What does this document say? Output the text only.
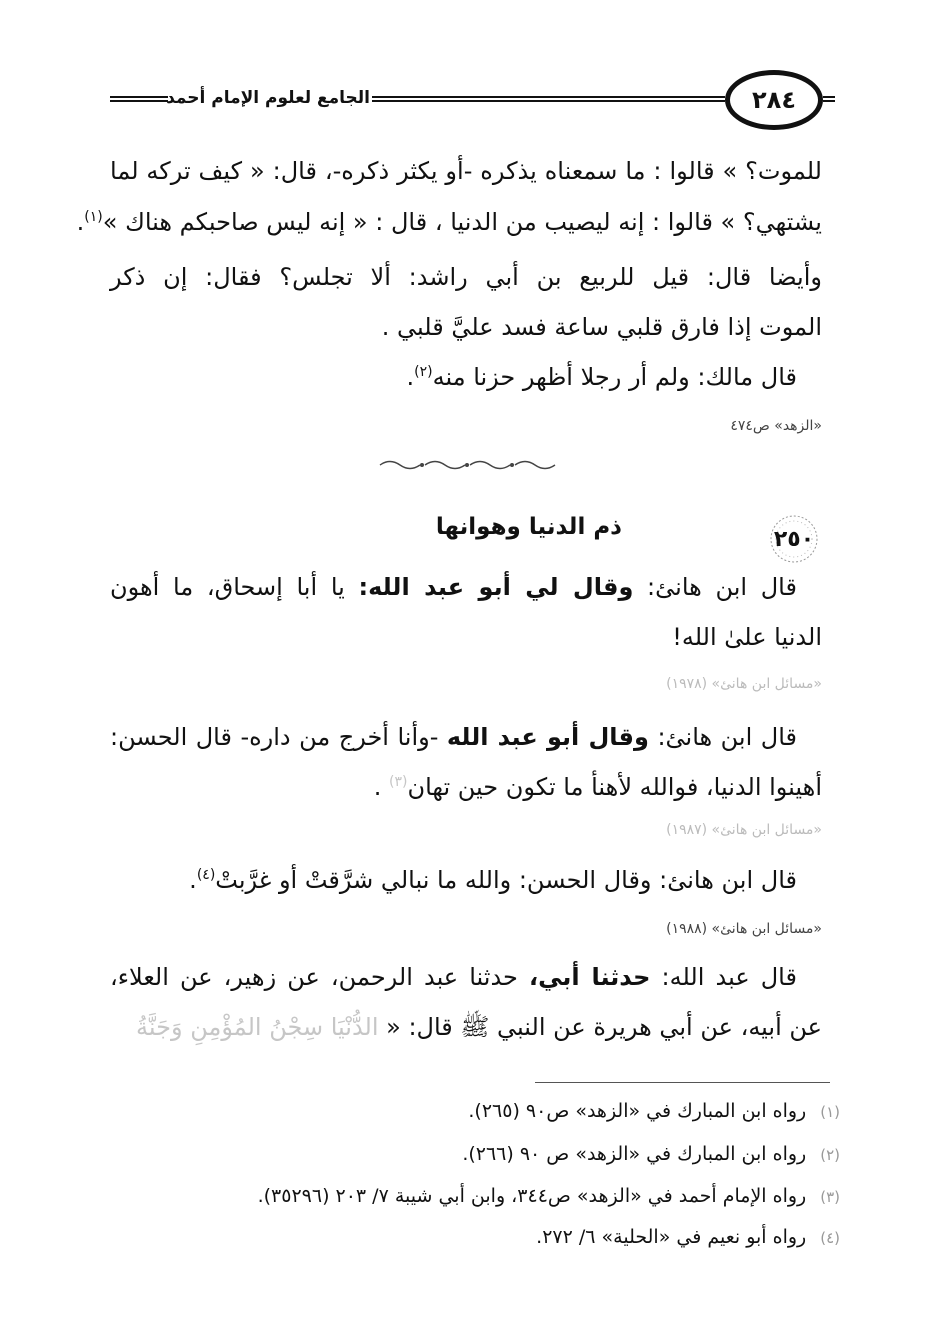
الجامع لعلوم الإمام أحمد	٢٨٤
للموت؟ » قالوا : ما سمعناه يذكره -أو يكثر ذكره-، قال: « كيف تركه لما
يشتهي؟ » قالوا : إنه ليصيب من الدنيا ، قال : « إنه ليس صاحبكم هناك »$^{(١)}$.
وأيضا قال: قيل للربيع بن أبي راشد: ألا تجلس؟ فقال: إن ذكر
الموت إذا فارق قلبي ساعة فسد عليَّ قلبي .
قال مالك: ولم أر رجلا أظهر حزنا منه$^{(٢)}$.
«الزهد» ص٤٧٤
٢٥٠
ذم الدنيا وهوانها
قال ابن هانئ: وقال لي أبو عبد الله: يا أبا إسحاق، ما أهون
الدنيا علىٰ الله!
«مسائل ابن هانئ» (١٩٧٨)
قال ابن هانئ: وقال أبو عبد الله -وأنا أخرج من داره- قال الحسن:
أهينوا الدنيا، فوالله لأهنأ ما تكون حين تهان$^{(٣)}$ .
«مسائل ابن هانئ» (١٩٨٧)
قال ابن هانئ: وقال الحسن: والله ما نبالي شرَّقتْ أو غرَّبتْ$^{(٤)}$.
«مسائل ابن هانئ» (١٩٨٨)
قال عبد الله: حدثنا أبي، حدثنا عبد الرحمن، عن زهير، عن العلاء،
عن أبيه، عن أبي هريرة عن النبي ﷺ قال: « الدُّنْيَا سِجْنُ المُؤْمِنِ وَجَنَّةُ
(١)رواه ابن المبارك في «الزهد» ص٩٠ (٢٦٥).
(٢)رواه ابن المبارك في «الزهد» ص ٩٠ (٢٦٦).
(٣)رواه الإمام أحمد في «الزهد» ص٣٤٤، وابن أبي شيبة ٧/ ٢٠٣ (٣٥٢٩٦).
(٤)رواه أبو نعيم في «الحلية» ٦/ ٢٧٢.
